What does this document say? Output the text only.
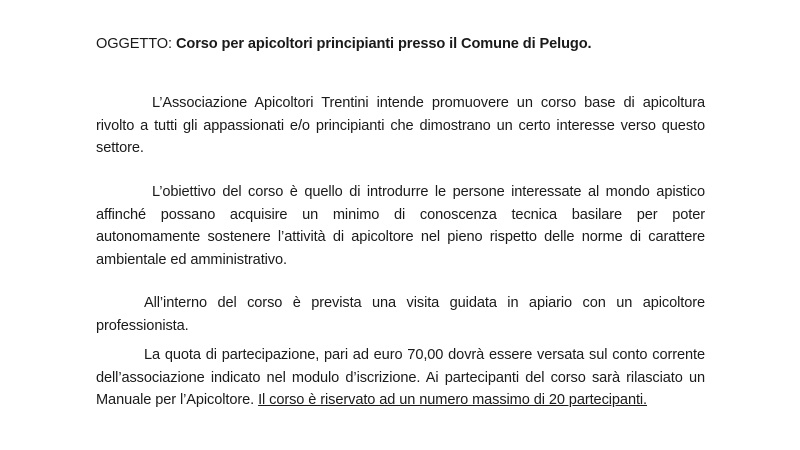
OGGETTO: Corso per apicoltori principianti presso il Comune di Pelugo.

L’Associazione Apicoltori Trentini intende promuovere un corso base di apicoltura rivolto a tutti gli appassionati e/o principianti che dimostrano un certo interesse verso questo settore.

L’obiettivo del corso è quello di introdurre le persone interessate al mondo apistico affinché possano acquisire un minimo di conoscenza tecnica basilare per poter autonomamente sostenere l’attività di apicoltore nel pieno rispetto delle norme di carattere ambientale ed amministrativo.

All’interno del corso è prevista una visita guidata in apiario con un apicoltore professionista.

La quota di partecipazione, pari ad euro 70,00 dovrà essere versata sul conto corrente dell’associazione indicato nel modulo d’iscrizione. Ai partecipanti del corso sarà rilasciato un Manuale per l’Apicoltore. Il corso è riservato ad un numero massimo di 20 partecipanti.
